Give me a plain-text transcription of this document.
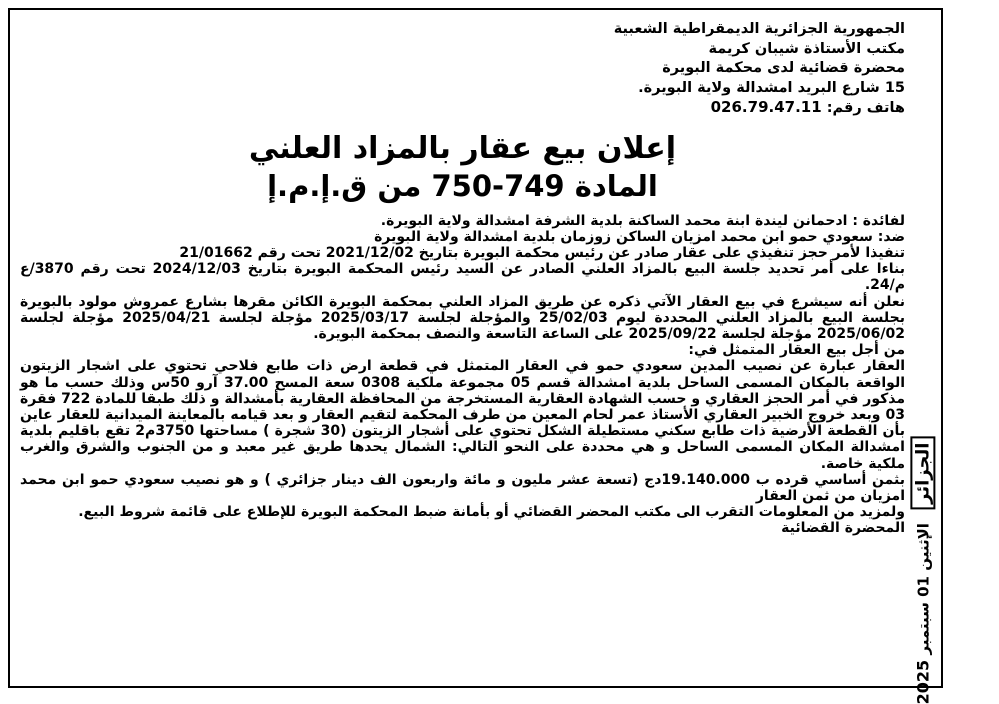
الجمهورية الجزائرية الديمقراطية الشعبية
مكتب الأستاذة شيبان كريمة
محضرة قضائية لدى محكمة البويرة
15 شارع البريد امشدالة ولاية البويرة.
هاتف رقم: 026.79.47.11
إعلان بيع عقار بالمزاد العلني
المادة 749-750 من ق.إ.م.إ
لفائدة : ادحمانن ليندة ابنة محمد الساكنة بلدية الشرفة امشدالة ولاية البويرة.
ضد: سعودي حمو ابن محمد امزيان الساكن زوزمان بلدية امشدالة ولاية البويرة
تنفيذا لأمر حجز تنفيذي على عقار صادر عن رئيس محكمة البويرة بتاريخ 2021/12/02 تحت رقم 21/01662
بناءا على أمر تحديد جلسة البيع بالمزاد العلني الصادر عن السيد رئيس المحكمة البويرة بتاريخ 2024/12/03 تحت رقم 3870/ع م/24.
نعلن أنه سيشرع في بيع العقار الآتي ذكره عن طريق المزاد العلني بمحكمة البويرة الكائن مقرها بشارع عمروش مولود بالبويرة بجلسة البيع بالمزاد العلني المحددة ليوم 25/02/03 والمؤجلة لجلسة 2025/03/17 مؤجلة لجلسة 2025/04/21 مؤجلة لجلسة 2025/06/02 مؤجلة لجلسة 2025/09/22 على الساعة التاسعة والنصف بمحكمة البويرة.
من أجل بيع العقار المتمثل في:
العقار عبارة عن نصيب المدين سعودي حمو في العقار المتمثل في قطعة ارض ذات طابع فلاحي تحتوي على اشجار الزيتون الواقعة بالمكان المسمى الساحل بلدية امشدالة قسم 05 مجموعة ملكية 0308 سعة المسح 37.00 آرو 50س وذلك حسب ما هو مذكور في أمر الحجز العقاري و حسب الشهادة العقارية المستخرجة من المحافظة العقارية بأمشدالة و ذلك طبقا للمادة 722 فقرة 03 وبعد خروج الخبير العقاري الأستاذ عمر لحام المعين من طرف المحكمة لتقيم العقار و بعد قيامه بالمعاينة الميدانية للعقار عاين بأن القطعة الأرضية ذات طابع سكني مستطيلة الشكل تحتوي على أشجار الزيتون (30 شجرة ) مساحتها 3750م2 تقع باقليم بلدية امشدالة المكان المسمى الساحل و هي محددة على النحو التالي: الشمال يحدها طريق غير معبد و من الجنوب والشرق والغرب ملكية خاصة.
بثمن أساسي قرده ب 19.140.000دج (تسعة عشر مليون و مائة واربعون الف دينار جزائري ) و هو نصيب سعودي حمو ابن محمد امزيان من ثمن العقار
ولمزيد من المعلومات التقرب الى مكتب المحضر القضائي أو بأمانة ضبط المحكمة البويرة للإطلاع على قائمة شروط البيع.
المحضرة القضائية
الجزائر الإثنين 01 سبتمبر 2025
